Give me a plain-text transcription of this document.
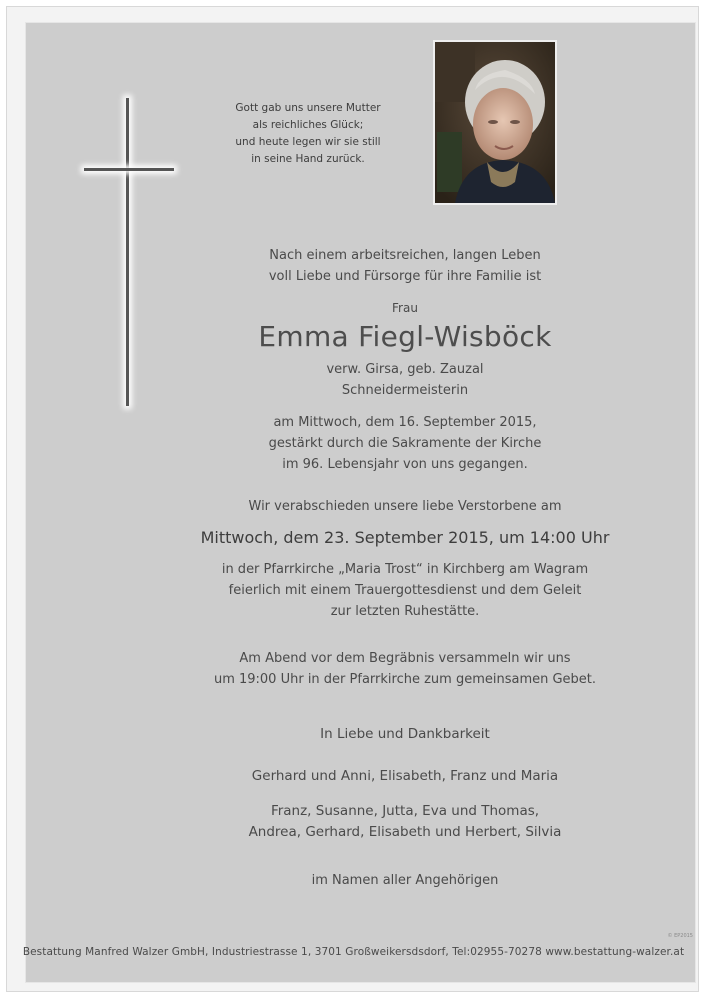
Gott gab uns unsere Mutter
als reichliches Glück;
und heute legen wir sie still
in seine Hand zurück.
Nach einem arbeitsreichen, langen Leben
voll Liebe und Fürsorge für ihre Familie ist
Frau
Emma Fiegl-Wisböck
verw. Girsa, geb. Zauzal
Schneidermeisterin
am Mittwoch, dem 16. September 2015,
gestärkt durch die Sakramente der Kirche
im 96. Lebensjahr von uns gegangen.
Wir verabschieden unsere liebe Verstorbene am
Mittwoch, dem 23. September 2015, um 14:00 Uhr
in der Pfarrkirche „Maria Trost“ in Kirchberg am Wagram
feierlich mit einem Trauergottesdienst und dem Geleit
zur letzten Ruhestätte.
Am Abend vor dem Begräbnis versammeln wir uns
um 19:00 Uhr in der Pfarrkirche zum gemeinsamen Gebet.
In Liebe und Dankbarkeit
Gerhard und Anni, Elisabeth, Franz und Maria
Franz, Susanne, Jutta, Eva und Thomas,
Andrea, Gerhard, Elisabeth und Herbert, Silvia
im Namen aller Angehörigen
© EP2015
Bestattung Manfred Walzer GmbH, Industriestrasse 1, 3701 Großweikersdsdorf, Tel:02955-70278 www.bestattung-walzer.at
